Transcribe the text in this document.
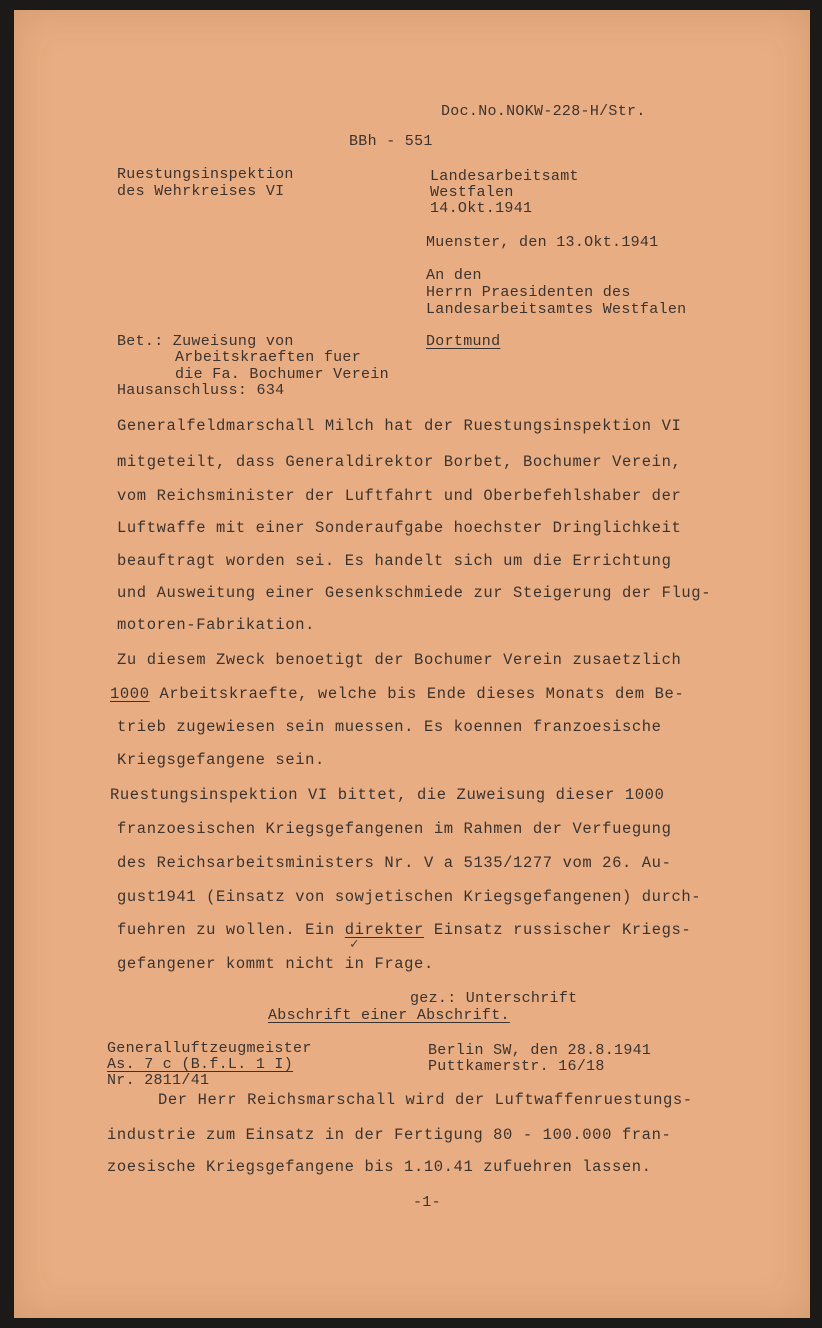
Doc.No.NOKW-228-H/Str.
BBh - 551
Ruestungsinspektion
des Wehrkreises VI
Landesarbeitsamt
Westfalen
14.Okt.1941
Muenster, den 13.Okt.1941
An den
Herrn Praesidenten des
Landesarbeitsamtes Westfalen
Dortmund
Bet.: Zuweisung von
Arbeitskraeften fuer
die Fa. Bochumer Verein
Hausanschluss: 634
Generalfeldmarschall Milch hat der Ruestungsinspektion VI
mitgeteilt, dass Generaldirektor Borbet, Bochumer Verein,
vom Reichsminister der Luftfahrt und Oberbefehlshaber der
Luftwaffe mit einer Sonderaufgabe hoechster Dringlichkeit
beauftragt worden sei. Es handelt sich um die Errichtung
und Ausweitung einer Gesenkschmiede zur Steigerung der Flug-
motoren-Fabrikation.
Zu diesem Zweck benoetigt der Bochumer Verein zusaetzlich
1000 Arbeitskraefte, welche bis Ende dieses Monats dem Be-
trieb zugewiesen sein muessen. Es koennen franzoesische
Kriegsgefangene sein.
Ruestungsinspektion VI bittet, die Zuweisung dieser 1000
franzoesischen Kriegsgefangenen im Rahmen der Verfuegung
des Reichsarbeitsministers Nr. V a 5135/1277 vom 26. Au-
gust1941 (Einsatz von sowjetischen Kriegsgefangenen) durch-
fuehren zu wollen. Ein direkter Einsatz russischer Kriegs-
✓
gefangener kommt nicht in Frage.
gez.: Unterschrift
Abschrift einer Abschrift.
Generalluftzeugmeister
As. 7 c (B.f.L. 1 I)
Nr. 2811/41
Berlin SW, den 28.8.1941
Puttkamerstr. 16/18
Der Herr Reichsmarschall wird der Luftwaffenruestungs-
industrie zum Einsatz in der Fertigung 80 - 100.000 fran-
zoesische Kriegsgefangene bis 1.10.41 zufuehren lassen.
-1-
